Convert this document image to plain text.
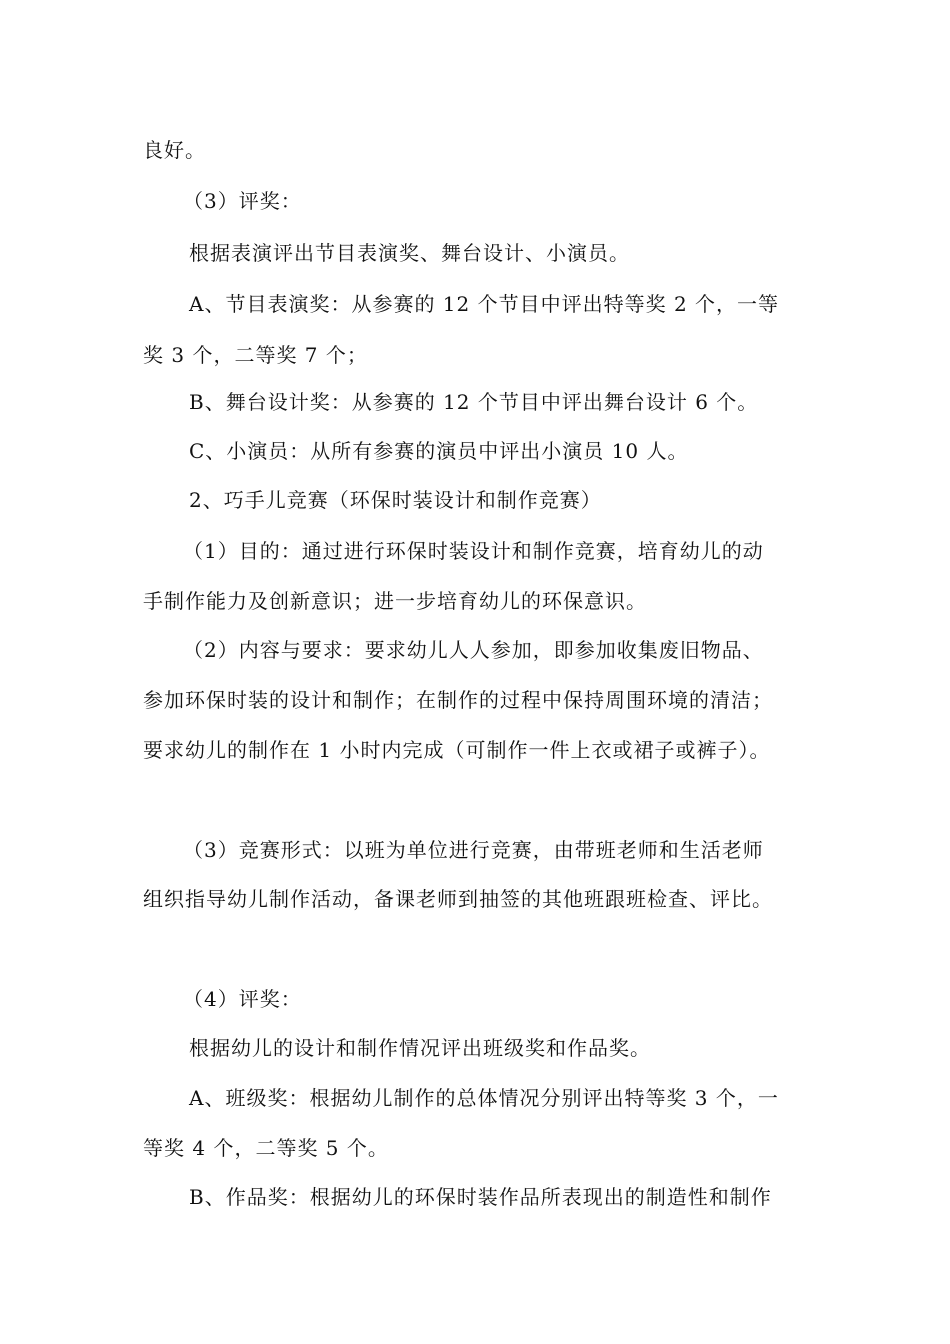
良好。
（3）评奖：
根据表演评出节目表演奖、舞台设计、小演员。
A、节目表演奖：从参赛的 12 个节目中评出特等奖 2 个，一等
奖 3 个，二等奖 7 个；
B、舞台设计奖：从参赛的 12 个节目中评出舞台设计 6 个。
C、小演员：从所有参赛的演员中评出小演员 10 人。
2、巧手儿竞赛（环保时装设计和制作竞赛）
（1）目的：通过进行环保时装设计和制作竞赛，培育幼儿的动
手制作能力及创新意识；进一步培育幼儿的环保意识。
（2）内容与要求：要求幼儿人人参加，即参加收集废旧物品、
参加环保时装的设计和制作；在制作的过程中保持周围环境的清洁；
要求幼儿的制作在 1 小时内完成（可制作一件上衣或裙子或裤子）。
（3）竞赛形式：以班为单位进行竞赛，由带班老师和生活老师
组织指导幼儿制作活动，备课老师到抽签的其他班跟班检查、评比。
（4）评奖：
根据幼儿的设计和制作情况评出班级奖和作品奖。
A、班级奖：根据幼儿制作的总体情况分别评出特等奖 3 个，一
等奖 4 个，二等奖 5 个。
B、作品奖：根据幼儿的环保时装作品所表现出的制造性和制作
